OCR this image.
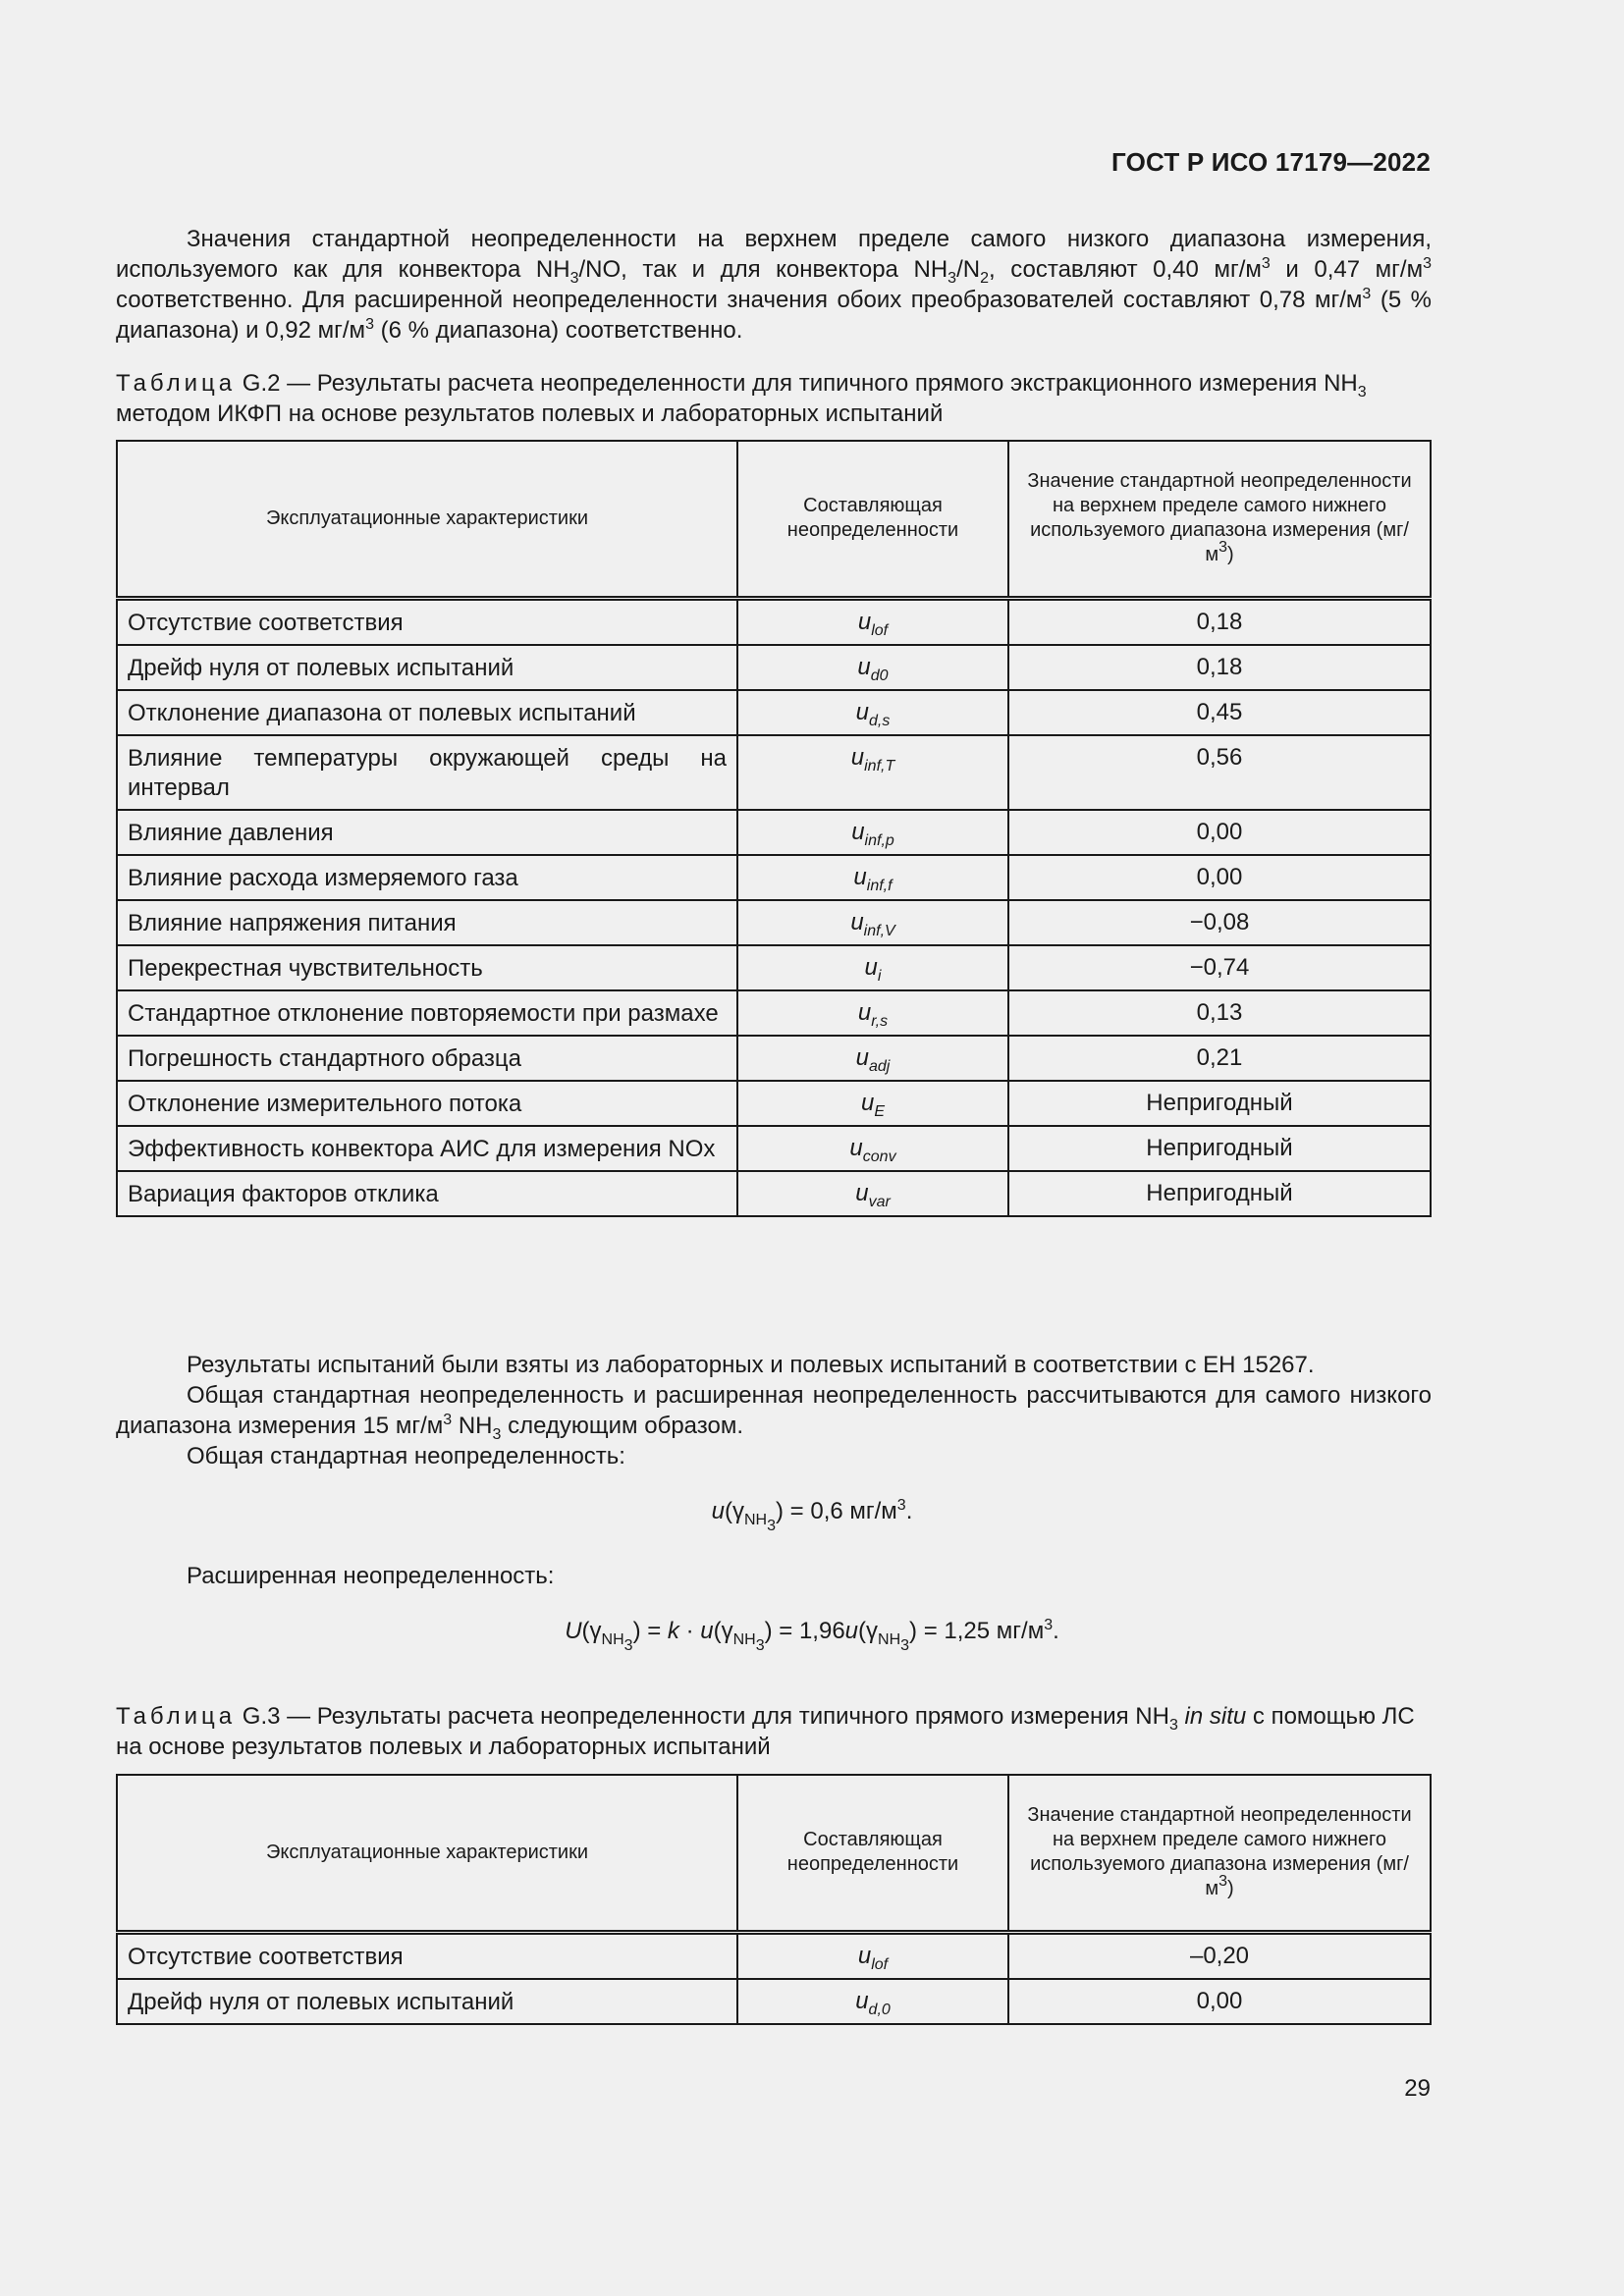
ГОСТ Р ИСО 17179—2022
Значения стандартной неопределенности на верхнем пределе самого низкого диапазона измерения, используемого как для конвектора $NH_3/NO$, так и для конвектора $NH_3/N_2$, составляют 0,40 $мг/м^3$ и 0,47 $мг/м^3$ соответственно. Для расширенной неопределенности значения обоих преобразователей составляют 0,78 $мг/м^3$ (5 % диапазона) и 0,92 $мг/м^3$ (6 % диапазона) соответственно.
Таблица G.2 — Результаты расчета неопределенности для типичного прямого экстракционного измерения $NH_3$ методом ИКФП на основе результатов полевых и лабораторных испытаний
Эксплуатационные характеристики	Составляющая неопределенности	Значение стандартной неопределенности на верхнем пределе самого нижнего используемого диапазона измерения $(мг/м^3)$
Отсутствие соответствия	$u_{lof}$	0,18
Дрейф нуля от полевых испытаний	$u_{d0}$	0,18
Отклонение диапазона от полевых испытаний	$u_{d,s}$	0,45
Влияние температуры окружающей среды на интервал	$u_{inf,T}$	0,56
Влияние давления	$u_{inf,p}$	0,00
Влияние расхода измеряемого газа	$u_{inf,f}$	0,00
Влияние напряжения питания	$u_{inf,V}$	−0,08
Перекрестная чувствительность	$u_i$	−0,74
Стандартное отклонение повторяемости при размахе	$u_{r,s}$	0,13
Погрешность стандартного образца	$u_{adj}$	0,21
Отклонение измерительного потока	$u_E$	Непригодный
Эффективность конвектора АИС для измерения NOx	$u_{conv}$	Непригодный
Вариация факторов отклика	$u_{var}$	Непригодный
Результаты испытаний были взяты из лабораторных и полевых испытаний в соответствии с ЕН 15267.
Общая стандартная неопределенность и расширенная неопределенность рассчитываются для самого низкого диапазона измерения 15 $мг/м^3$ $NH_3$ следующим образом.
Общая стандартная неопределенность:
$u(\gamma_{NH_3}) = 0,6$ $мг/м^3$.
Расширенная неопределенность:
$U(\gamma_{NH_3}) = k \cdot u(\gamma_{NH_3}) = 1,96u(\gamma_{NH_3}) = 1,25$ $мг/м^3$.
Таблица G.3 — Результаты расчета неопределенности для типичного прямого измерения $NH_3$ in situ с помощью ЛС на основе результатов полевых и лабораторных испытаний
Эксплуатационные характеристики	Составляющая неопределенности	Значение стандартной неопределенности на верхнем пределе самого нижнего используемого диапазона измерения $(мг/м^3)$
Отсутствие соответствия	$u_{lof}$	–0,20
Дрейф нуля от полевых испытаний	$u_{d,0}$	0,00
29
